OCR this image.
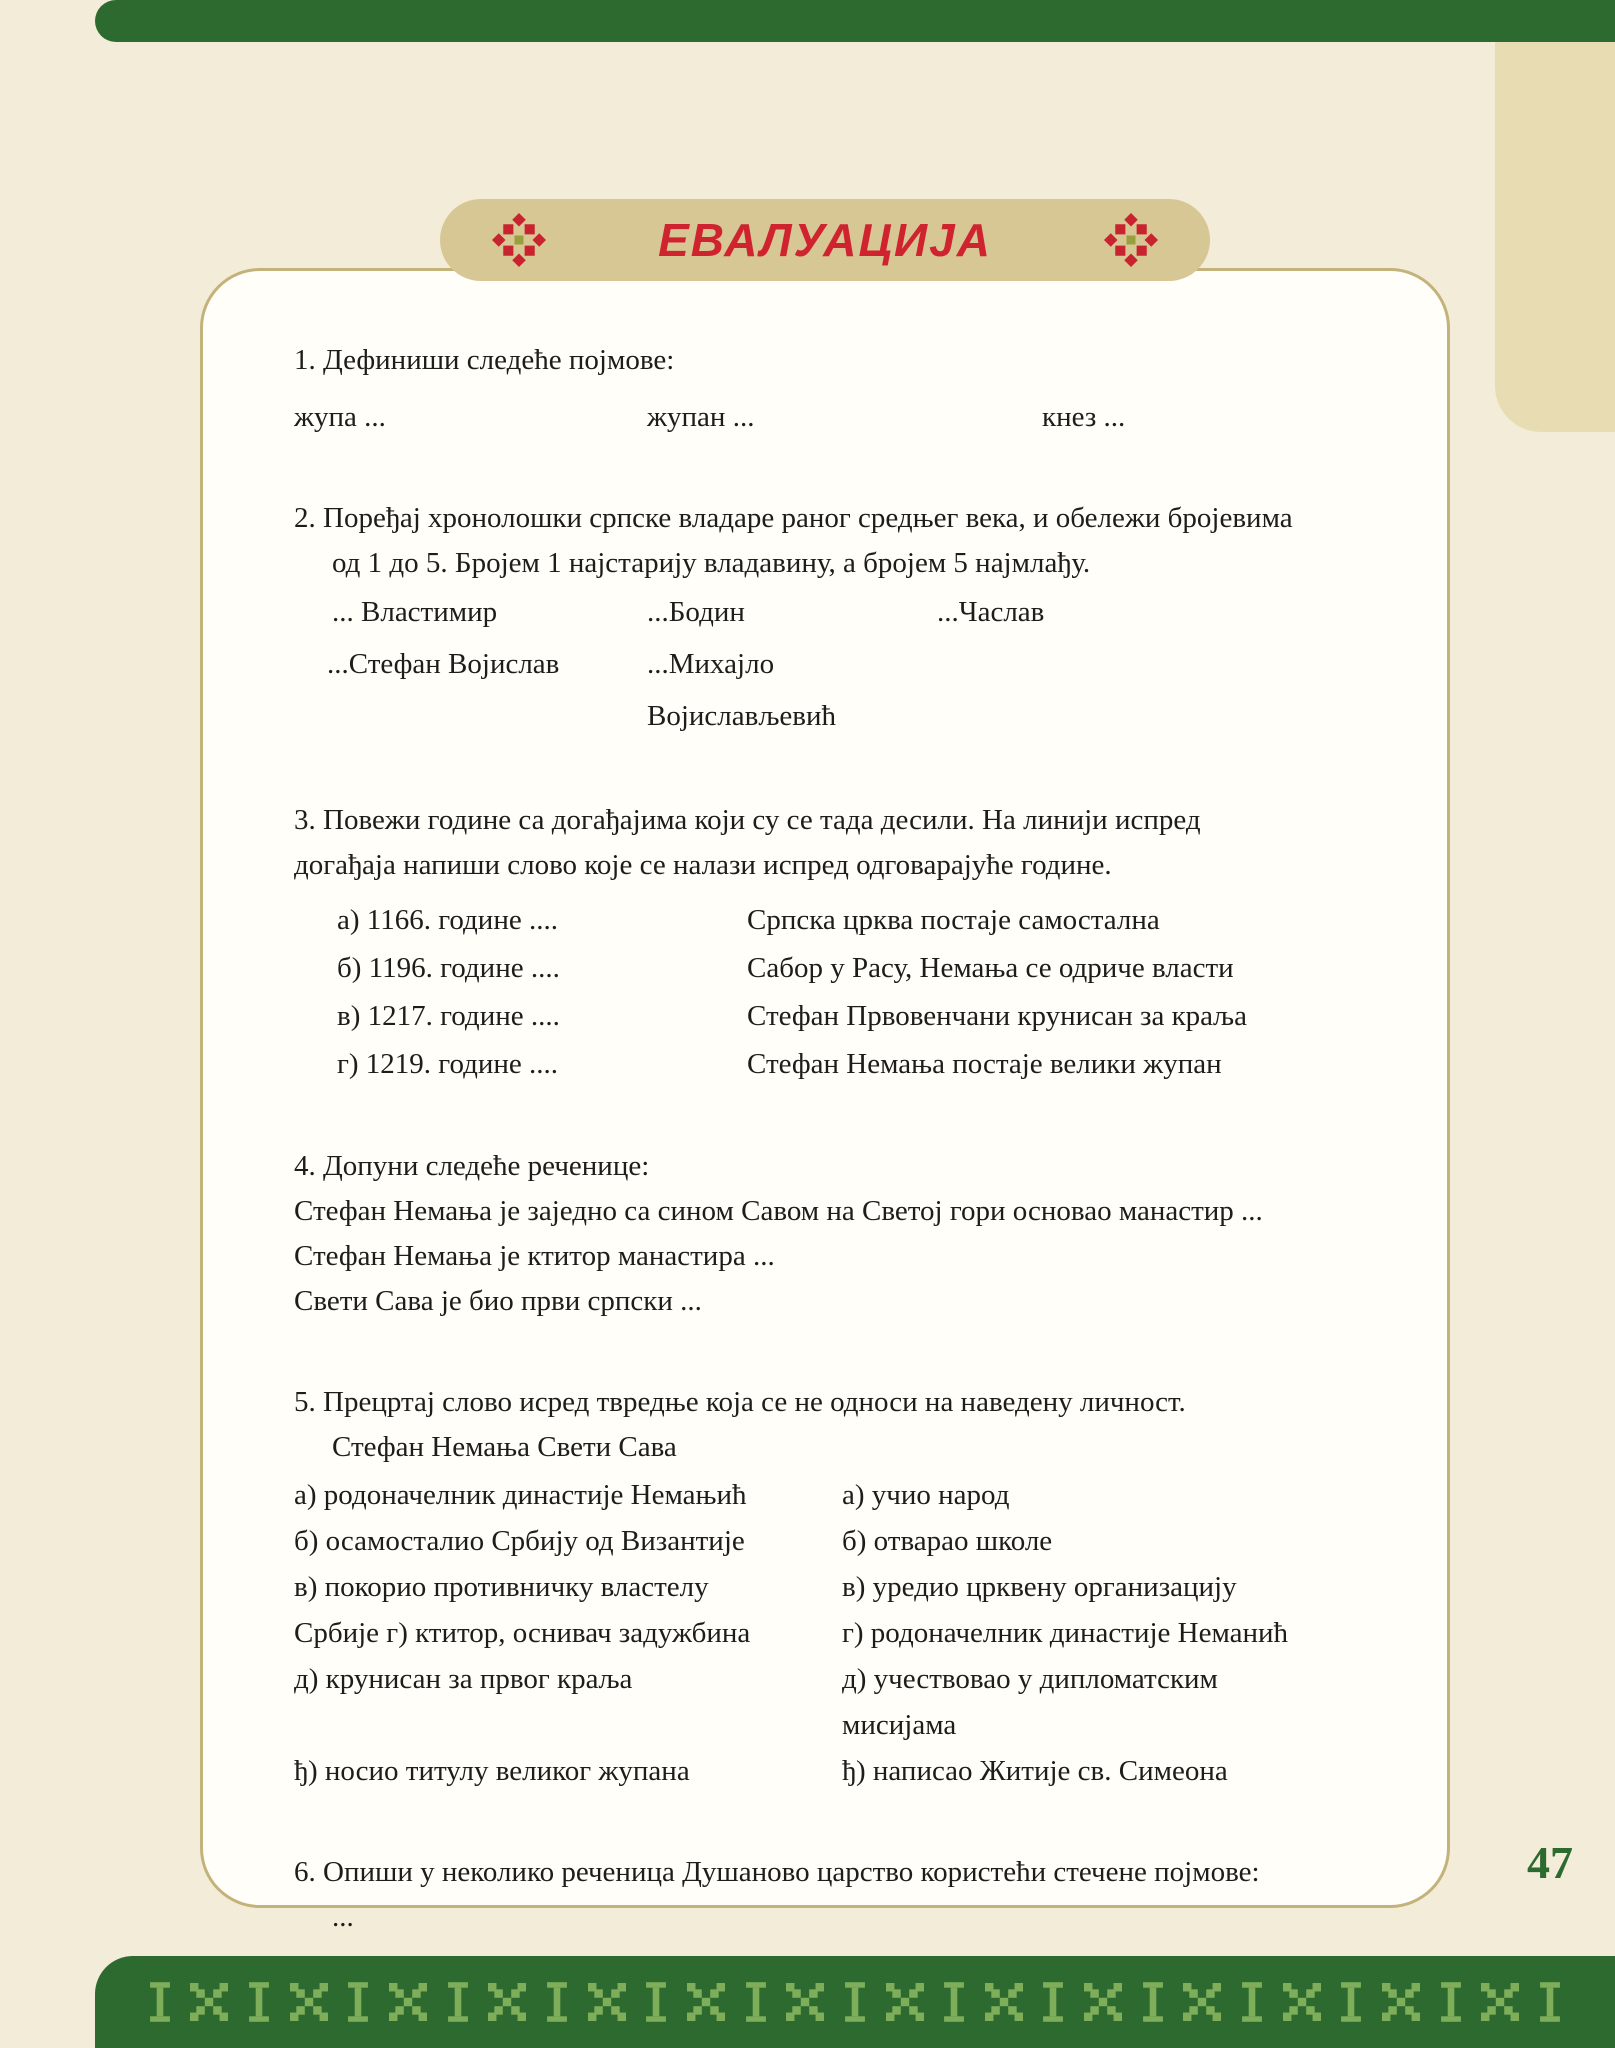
ЕВАЛУАЦИЈА

1. Дефиниши следеће појмове:

жупа ...	жупан ...	кнез ...

2. Поређај хронолошки српске владаре раног средњег века, и обележи бројевима

од 1 до 5. Бројем 1 најстарију владавину, а бројем 5 најмлађу.

... Властимир	...Бодин	...Часлав
...Стефан Војислав	...Михајло Војислављевић

3. Повежи године са догађајима који су се тада десили. На линији испред

догађаја напиши слово које се налази испред одговарајуће године.

а) 1166. године ....	Српска црква постаје самостална
б) 1196. године ....	Сабор у Расу, Немања се одриче власти
в) 1217. године ....	Стефан Првовенчани крунисан за краља
г) 1219. године ....	Стефан Немања постаје велики жупан

4. Допуни следеће реченице:

Стефан Немања је заједно са сином Савом на Светој гори основао манастир ...

Стефан Немања је ктитор манастира ...

Свети Сава је био први српски ...

5. Прецртај слово исред твредње која се не односи на наведену личност.

Стефан Немања Свети Сава

а) родоначелник династије Немањић	а) учио народ
б) осамосталио Србију од Византије	б) отварао школе
в) покорио противничку властелу	в) уредио црквену организацију
Србије г) ктитор, оснивач задужбина	г) родоначелник династије Неманић
д) крунисан за првог краља	д) учествовао у дипломатским
мисијама
ђ) носио титулу великог жупана	ђ) написао Житије св. Симеона

6. Опиши у неколико реченица Душаново царство користећи стечене појмове:

...

47
